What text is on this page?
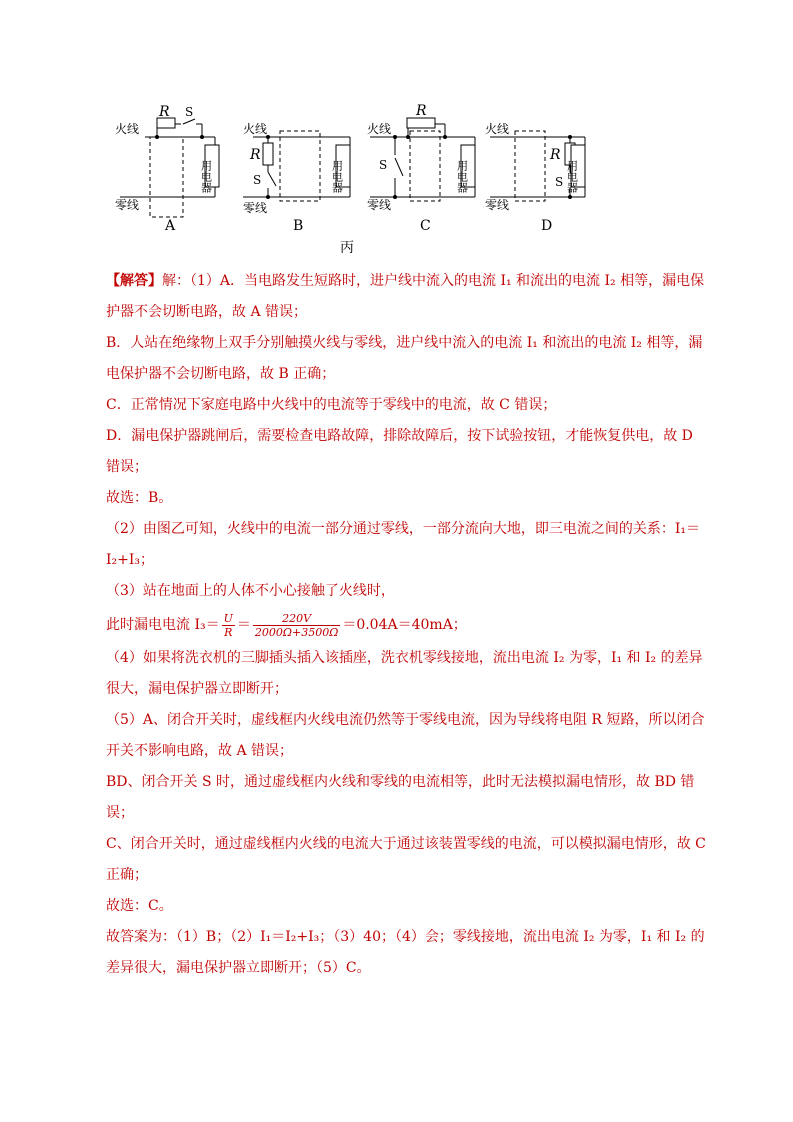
火线
零线
R S
用电器
A
火线
零线
R
S	用电器
B
火线
零线
R
S	用电器
C
火线
零线
R
S 用电器
D
丙

【解答】解：（1）A．当电路发生短路时，进户线中流入的电流 I₁ 和流出的电流 I₂ 相等，漏电保护器不会切断电路，故 A 错误；

B．人站在绝缘物上双手分别触摸火线与零线，进户线中流入的电流 I₁ 和流出的电流 I₂ 相等，漏电保护器不会切断电路，故 B 正确；

C．正常情况下家庭电路中火线中的电流等于零线中的电流，故 C 错误；

D．漏电保护器跳闸后，需要检查电路故障，排除故障后，按下试验按钮，才能恢复供电，故 D 错误；

故选：B。

（2）由图乙可知，火线中的电流一部分通过零线，一部分流向大地，即三电流之间的关系：I₁＝I₂+I₃；

（3）站在地面上的人体不小心接触了火线时，

此时漏电电流 $I_3= \frac{U}{R} = \frac{220V}{2000\Omega+3500\Omega} =0.04A=40mA$；

（4）如果将洗衣机的三脚插头插入该插座，洗衣机零线接地，流出电流 I₂ 为零，I₁ 和 I₂ 的差异很大，漏电保护器立即断开；

（5）A、闭合开关时，虚线框内火线电流仍然等于零线电流，因为导线将电阻 R 短路，所以闭合开关不影响电路，故 A 错误；

BD、闭合开关 S 时，通过虚线框内火线和零线的电流相等，此时无法模拟漏电情形，故 BD 错误；

C、闭合开关时，通过虚线框内火线的电流大于通过该装置零线的电流，可以模拟漏电情形，故 C 正确；

故选：C。

故答案为：（1）B；（2）I₁＝I₂+I₃；（3）40；（4）会；零线接地，流出电流 I₂ 为零，I₁ 和 I₂ 的差异很大，漏电保护器立即断开；（5）C。
